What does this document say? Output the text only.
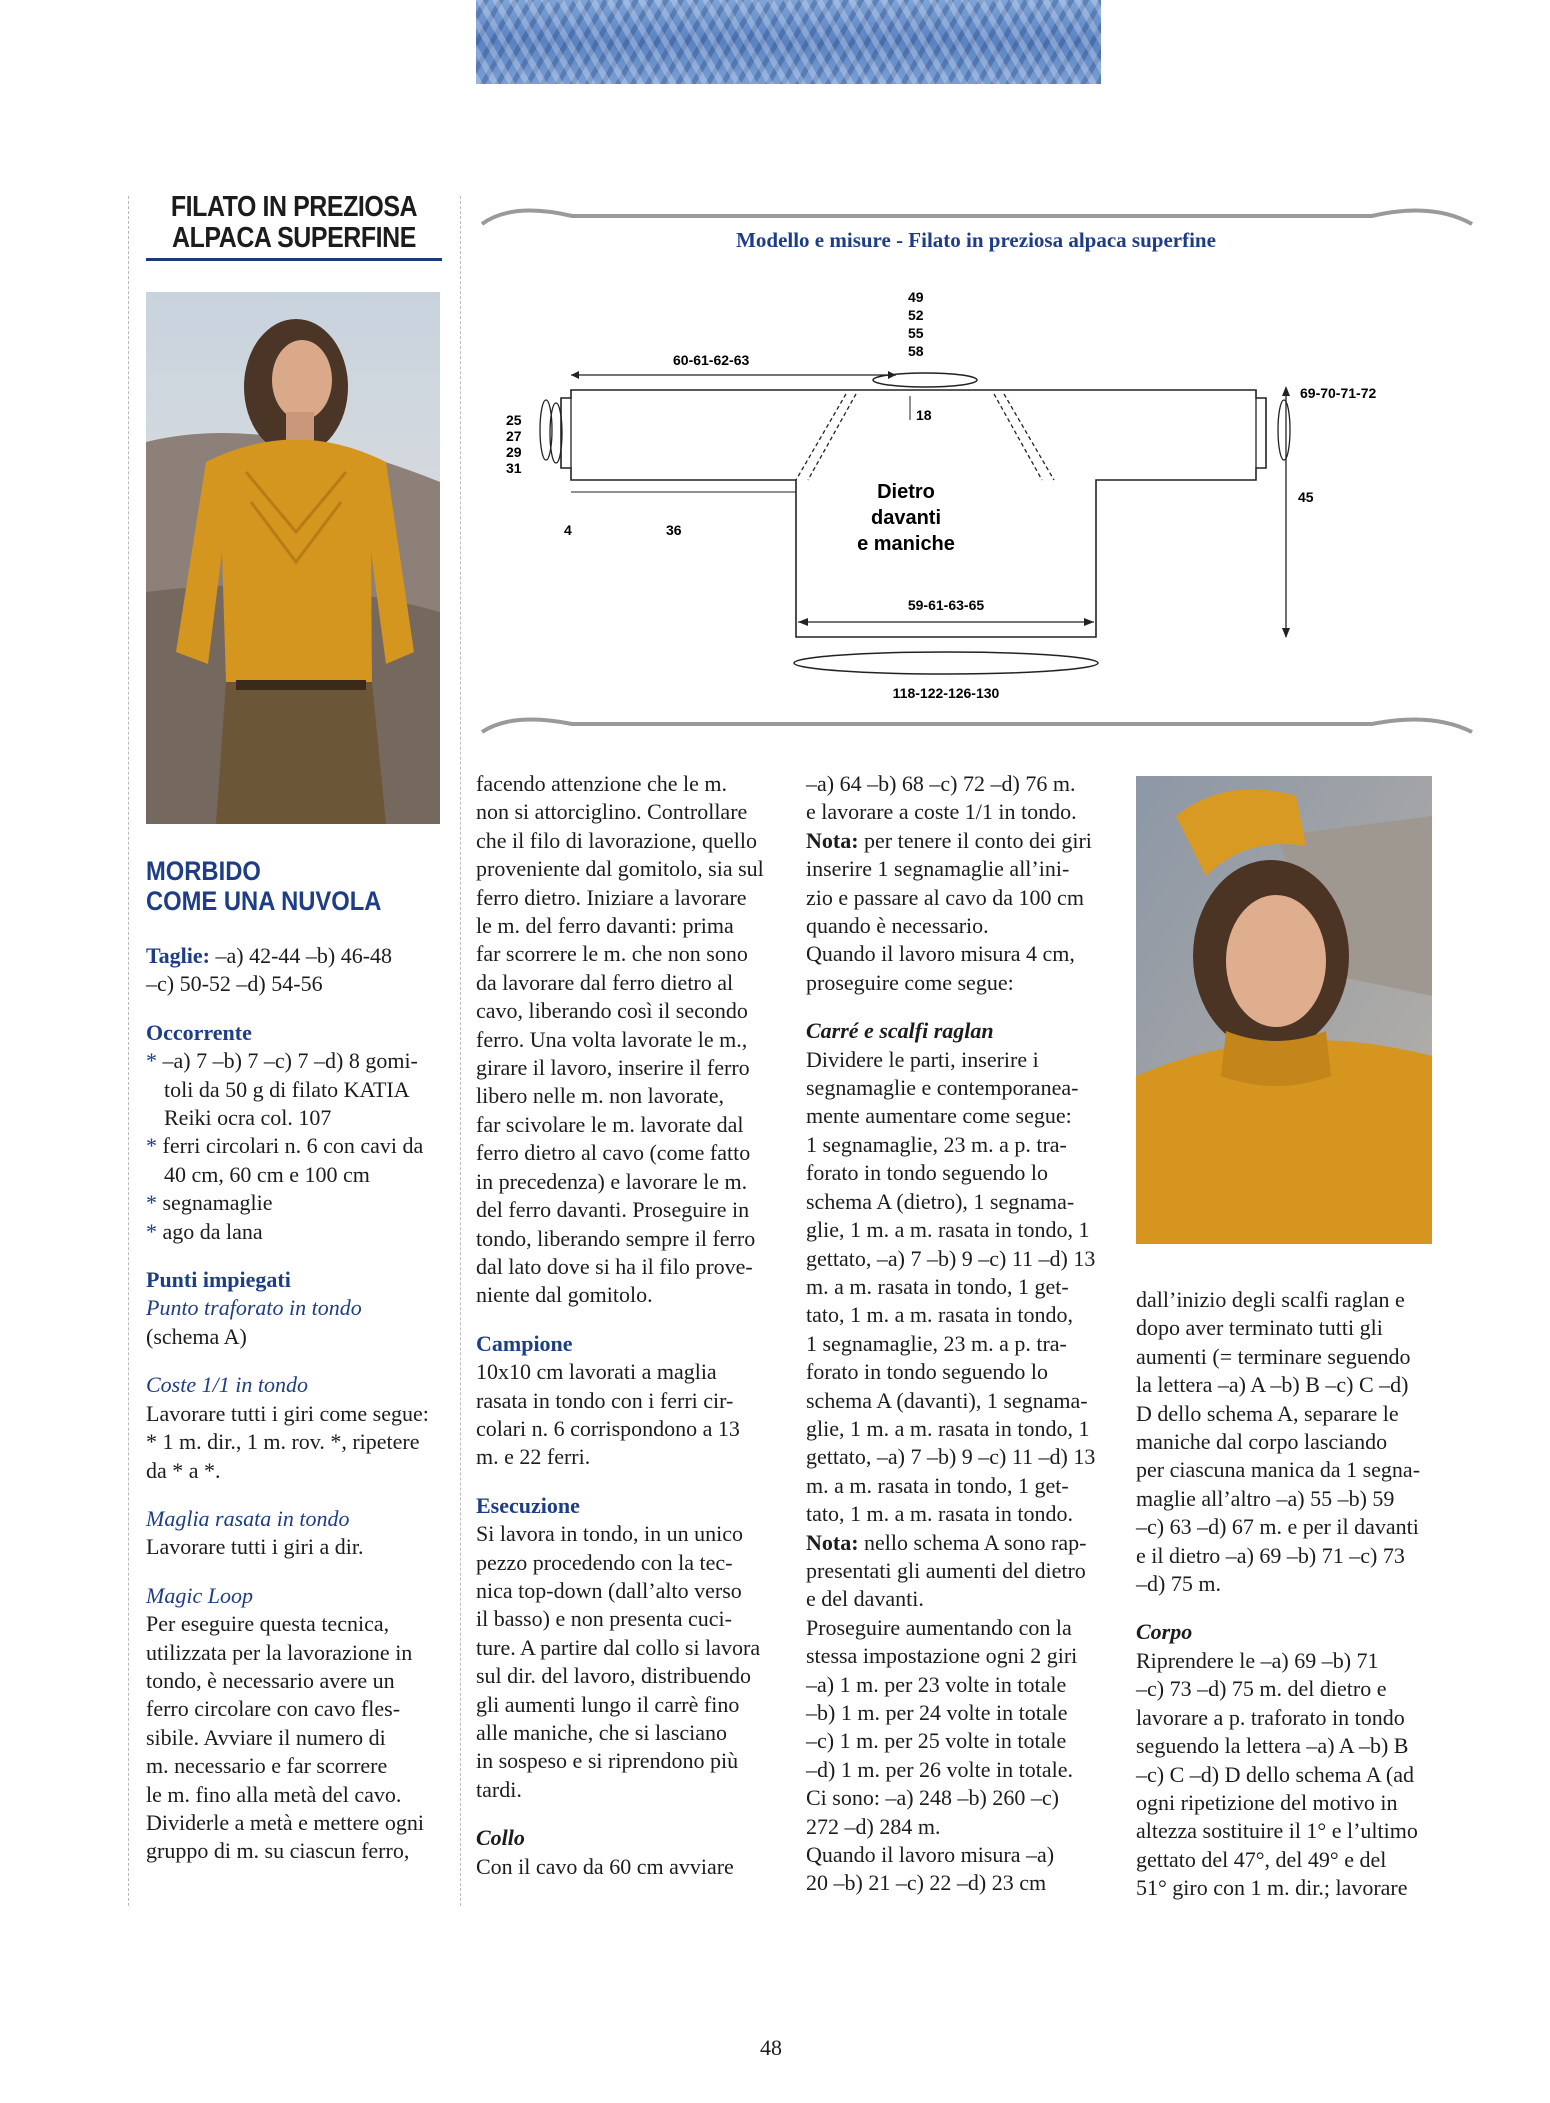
FILATO IN PREZIOSA
ALPACA SUPERFINE
MORBIDO
COME UNA NUVOLA

Taglie: –a) 42-44 –b) 46-48

–c) 50-52 –d) 54-56

Occorrente

* –a) 7 –b) 7 –c) 7 –d) 8 gomi-

toli da 50 g di filato KATIA

Reiki ocra col. 107

* ferri circolari n. 6 con cavi da

40 cm, 60 cm e 100 cm

* segnamaglie

* ago da lana

Punti impiegati

Punto traforato in tondo

(schema A)

Coste 1/1 in tondo

Lavorare tutti i giri come segue:

* 1 m. dir., 1 m. rov. *, ripetere

da * a *.

Maglia rasata in tondo

Lavorare tutti i giri a dir.

Magic Loop

Per eseguire questa tecnica,

utilizzata per la lavorazione in

tondo, è necessario avere un

ferro circolare con cavo fles-

sibile. Avviare il numero di

m. necessario e far scorrere

le m. fino alla metà del cavo.

Dividerle a metà e mettere ogni

gruppo di m. su ciascun ferro,

Modello e misure - Filato in preziosa alpaca superfine
49
52
55
58
60-61-62-63
69-70-71-72
18
25
27
29
31
45
4	36
Dietro
davanti
e maniche
59-61-63-65
118-122-126-130

facendo attenzione che le m.

non si attorciglino. Controllare

che il filo di lavorazione, quello

proveniente dal gomitolo, sia sul

ferro dietro. Iniziare a lavorare

le m. del ferro davanti: prima

far scorrere le m. che non sono

da lavorare dal ferro dietro al

cavo, liberando così il secondo

ferro. Una volta lavorate le m.,

girare il lavoro, inserire il ferro

libero nelle m. non lavorate,

far scivolare le m. lavorate dal

ferro dietro al cavo (come fatto

in precedenza) e lavorare le m.

del ferro davanti. Proseguire in

tondo, liberando sempre il ferro

dal lato dove si ha il filo prove-

niente dal gomitolo.

Campione

10x10 cm lavorati a maglia

rasata in tondo con i ferri cir-

colari n. 6 corrispondono a 13

m. e 22 ferri.

Esecuzione

Si lavora in tondo, in un unico

pezzo procedendo con la tec-

nica top-down (dall’alto verso

il basso) e non presenta cuci-

ture. A partire dal collo si lavora

sul dir. del lavoro, distribuendo

gli aumenti lungo il carrè fino

alle maniche, che si lasciano

in sospeso e si riprendono più

tardi.

Collo

Con il cavo da 60 cm avviare

–a) 64 –b) 68 –c) 72 –d) 76 m.

e lavorare a coste 1/1 in tondo.

Nota: per tenere il conto dei giri

inserire 1 segnamaglie all’ini-

zio e passare al cavo da 100 cm

quando è necessario.

Quando il lavoro misura 4 cm,

proseguire come segue:

Carré e scalfi raglan

Dividere le parti, inserire i

segnamaglie e contemporanea-

mente aumentare come segue:

1 segnamaglie, 23 m. a p. tra-

forato in tondo seguendo lo

schema A (dietro), 1 segnama-

glie, 1 m. a m. rasata in tondo, 1

gettato, –a) 7 –b) 9 –c) 11 –d) 13

m. a m. rasata in tondo, 1 get-

tato, 1 m. a m. rasata in tondo,

1 segnamaglie, 23 m. a p. tra-

forato in tondo seguendo lo

schema A (davanti), 1 segnama-

glie, 1 m. a m. rasata in tondo, 1

gettato, –a) 7 –b) 9 –c) 11 –d) 13

m. a m. rasata in tondo, 1 get-

tato, 1 m. a m. rasata in tondo.

Nota: nello schema A sono rap-

presentati gli aumenti del dietro

e del davanti.

Proseguire aumentando con la

stessa impostazione ogni 2 giri

–a) 1 m. per 23 volte in totale

–b) 1 m. per 24 volte in totale

–c) 1 m. per 25 volte in totale

–d) 1 m. per 26 volte in totale.

Ci sono: –a) 248 –b) 260 –c)

272 –d) 284 m.

Quando il lavoro misura –a)

20 –b) 21 –c) 22 –d) 23 cm

dall’inizio degli scalfi raglan e

dopo aver terminato tutti gli

aumenti (= terminare seguendo

la lettera –a) A –b) B –c) C –d)

D dello schema A, separare le

maniche dal corpo lasciando

per ciascuna manica da 1 segna-

maglie all’altro –a) 55 –b) 59

–c) 63 –d) 67 m. e per il davanti

e il dietro –a) 69 –b) 71 –c) 73

–d) 75 m.

Corpo

Riprendere le –a) 69 –b) 71

–c) 73 –d) 75 m. del dietro e

lavorare a p. traforato in tondo

seguendo la lettera –a) A –b) B

–c) C –d) D dello schema A (ad

ogni ripetizione del motivo in

altezza sostituire il 1° e l’ultimo

gettato del 47°, del 49° e del

51° giro con 1 m. dir.; lavorare

48
